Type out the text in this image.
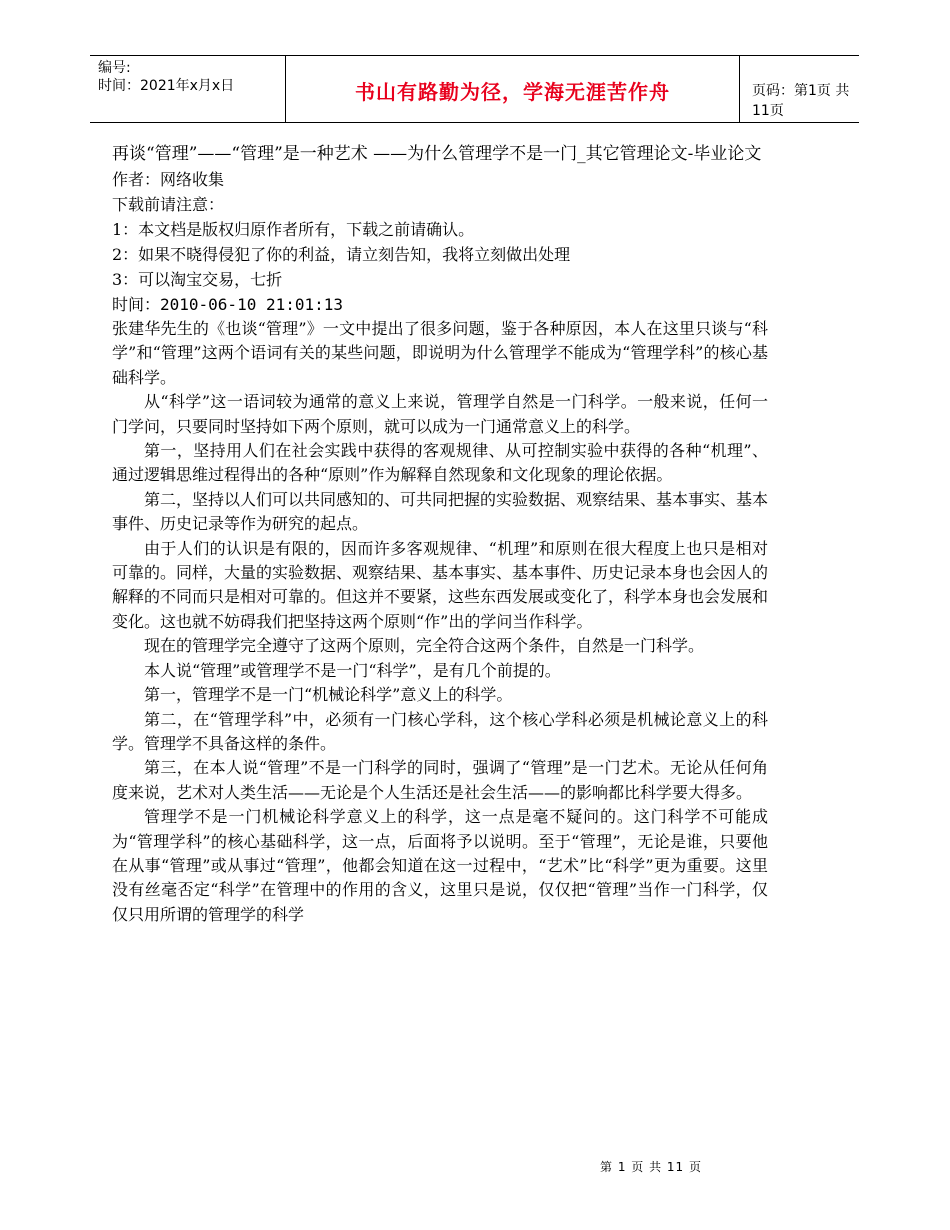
编号:
时间：2021年x月x日	书山有路勤为径，学海无涯苦作舟	页码：第1页 共11页

再谈“管理”——“管理”是一种艺术 ——为什么管理学不是一门_其它管理论文-毕业论文

作者：网络收集

下载前请注意：

1：本文档是版权归原作者所有，下载之前请确认。

2：如果不晓得侵犯了你的利益，请立刻告知，我将立刻做出处理

3：可以淘宝交易，七折

时间：2010-06-10 21:01:13

张建华先生的《也谈“管理”》一文中提出了很多问题，鉴于各种原因，本人在这里只谈与“科学”和“管理”这两个语词有关的某些问题，即说明为什么管理学不能成为“管理学科”的核心基础科学。

从“科学”这一语词较为通常的意义上来说，管理学自然是一门科学。一般来说，任何一门学问，只要同时坚持如下两个原则，就可以成为一门通常意义上的科学。

第一，坚持用人们在社会实践中获得的客观规律、从可控制实验中获得的各种“机理”、通过逻辑思维过程得出的各种“原则”作为解释自然现象和文化现象的理论依据。

第二，坚持以人们可以共同感知的、可共同把握的实验数据、观察结果、基本事实、基本事件、历史记录等作为研究的起点。

由于人们的认识是有限的，因而许多客观规律、“机理”和原则在很大程度上也只是相对可靠的。同样，大量的实验数据、观察结果、基本事实、基本事件、历史记录本身也会因人的解释的不同而只是相对可靠的。但这并不要紧，这些东西发展或变化了，科学本身也会发展和变化。这也就不妨碍我们把坚持这两个原则“作”出的学问当作科学。

现在的管理学完全遵守了这两个原则，完全符合这两个条件，自然是一门科学。

本人说“管理”或管理学不是一门“科学”，是有几个前提的。

第一，管理学不是一门“机械论科学”意义上的科学。

第二，在“管理学科”中，必须有一门核心学科，这个核心学科必须是机械论意义上的科学。管理学不具备这样的条件。

第三，在本人说“管理”不是一门科学的同时，强调了“管理”是一门艺术。无论从任何角度来说，艺术对人类生活——无论是个人生活还是社会生活——的影响都比科学要大得多。

管理学不是一门机械论科学意义上的科学，这一点是毫不疑问的。这门科学不可能成为“管理学科”的核心基础科学，这一点，后面将予以说明。至于“管理”，无论是谁，只要他在从事“管理”或从事过“管理”，他都会知道在这一过程中，“艺术”比“科学”更为重要。这里没有丝毫否定“科学”在管理中的作用的含义，这里只是说，仅仅把“管理”当作一门科学，仅仅只用所谓的管理学的科学

第 1 页 共 11 页
